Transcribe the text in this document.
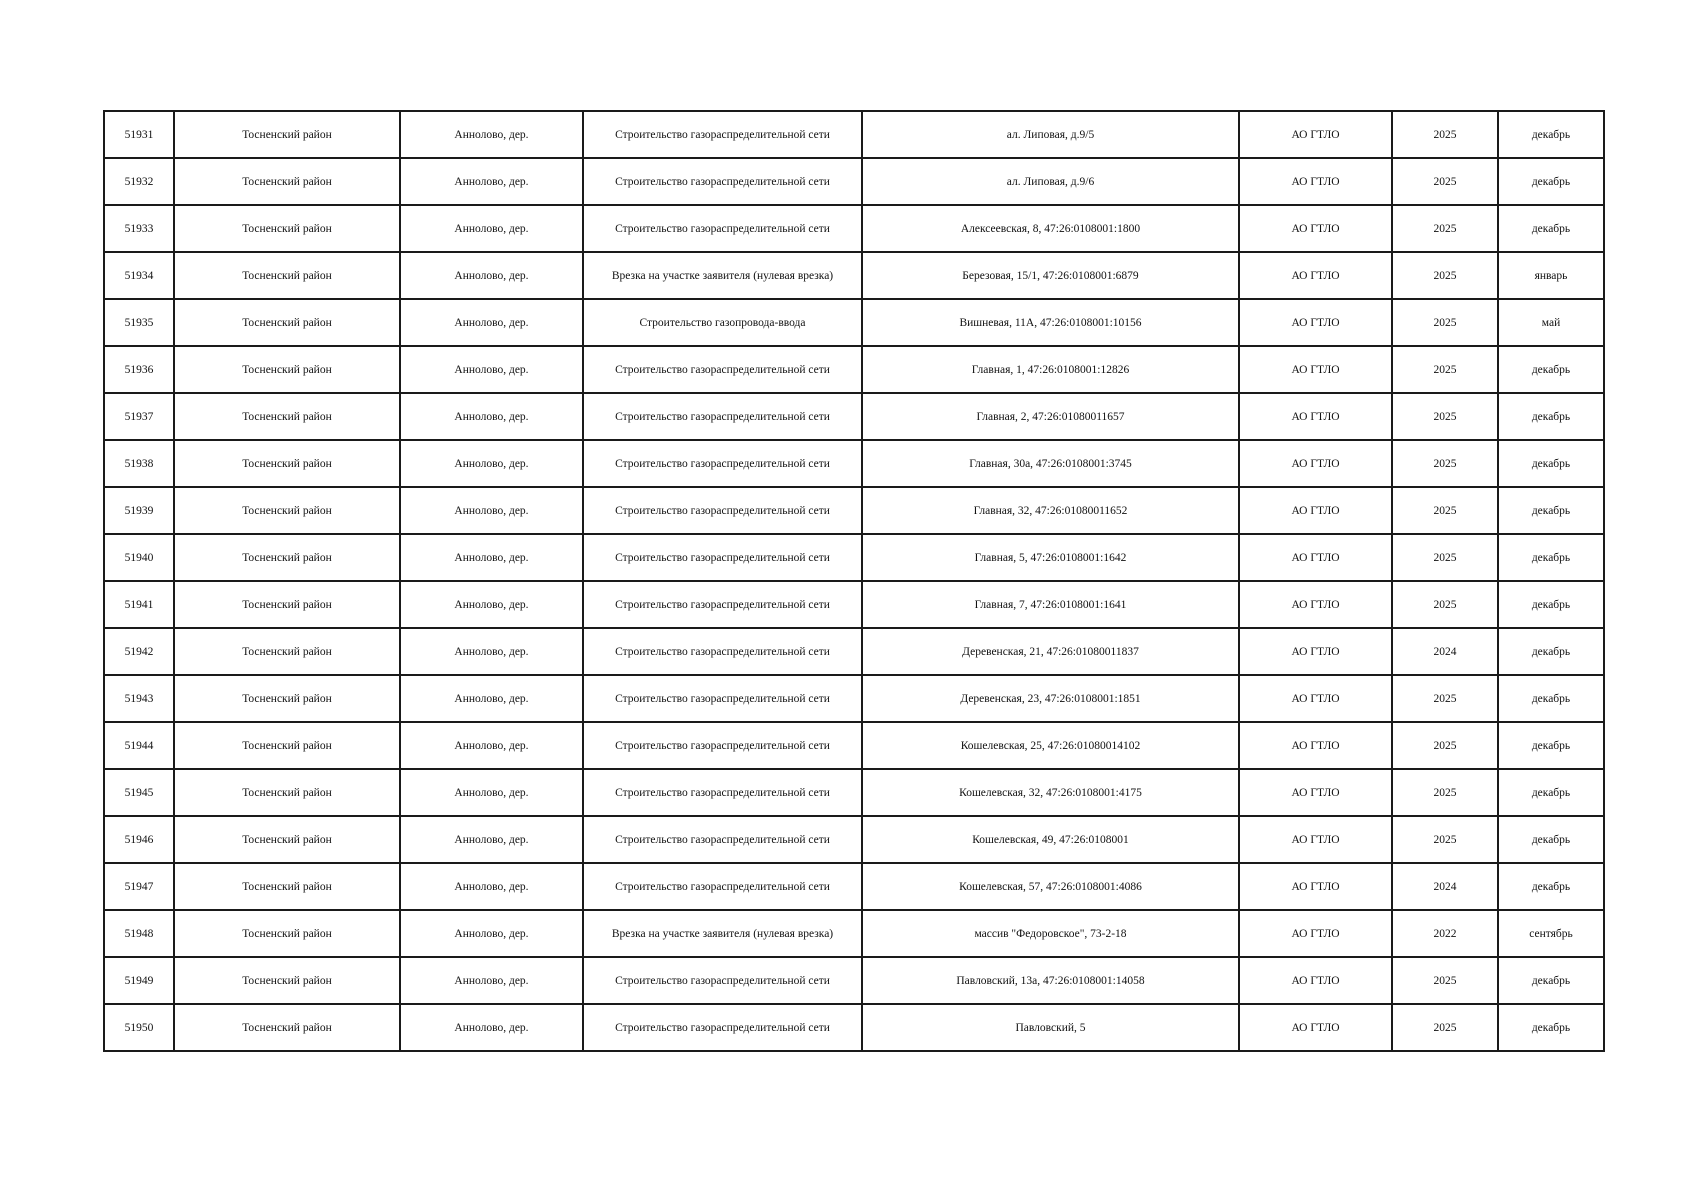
51931	Тосненский район	Аннолово, дер.	Строительство газораспределительной сети	ал. Липовая, д.9/5	АО ГТЛО	2025	декабрь
51932	Тосненский район	Аннолово, дер.	Строительство газораспределительной сети	ал. Липовая, д.9/6	АО ГТЛО	2025	декабрь
51933	Тосненский район	Аннолово, дер.	Строительство газораспределительной сети	Алексеевская, 8, 47:26:0108001:1800	АО ГТЛО	2025	декабрь
51934	Тосненский район	Аннолово, дер.	Врезка на участке заявителя (нулевая врезка)	Березовая, 15/1, 47:26:0108001:6879	АО ГТЛО	2025	январь
51935	Тосненский район	Аннолово, дер.	Строительство газопровода-ввода	Вишневая, 11А, 47:26:0108001:10156	АО ГТЛО	2025	май
51936	Тосненский район	Аннолово, дер.	Строительство газораспределительной сети	Главная, 1, 47:26:0108001:12826	АО ГТЛО	2025	декабрь
51937	Тосненский район	Аннолово, дер.	Строительство газораспределительной сети	Главная, 2, 47:26:01080011657	АО ГТЛО	2025	декабрь
51938	Тосненский район	Аннолово, дер.	Строительство газораспределительной сети	Главная, 30а, 47:26:0108001:3745	АО ГТЛО	2025	декабрь
51939	Тосненский район	Аннолово, дер.	Строительство газораспределительной сети	Главная, 32, 47:26:01080011652	АО ГТЛО	2025	декабрь
51940	Тосненский район	Аннолово, дер.	Строительство газораспределительной сети	Главная, 5, 47:26:0108001:1642	АО ГТЛО	2025	декабрь
51941	Тосненский район	Аннолово, дер.	Строительство газораспределительной сети	Главная, 7, 47:26:0108001:1641	АО ГТЛО	2025	декабрь
51942	Тосненский район	Аннолово, дер.	Строительство газораспределительной сети	Деревенская, 21, 47:26:01080011837	АО ГТЛО	2024	декабрь
51943	Тосненский район	Аннолово, дер.	Строительство газораспределительной сети	Деревенская, 23, 47:26:0108001:1851	АО ГТЛО	2025	декабрь
51944	Тосненский район	Аннолово, дер.	Строительство газораспределительной сети	Кошелевская, 25, 47:26:01080014102	АО ГТЛО	2025	декабрь
51945	Тосненский район	Аннолово, дер.	Строительство газораспределительной сети	Кошелевская, 32, 47:26:0108001:4175	АО ГТЛО	2025	декабрь
51946	Тосненский район	Аннолово, дер.	Строительство газораспределительной сети	Кошелевская, 49, 47:26:0108001	АО ГТЛО	2025	декабрь
51947	Тосненский район	Аннолово, дер.	Строительство газораспределительной сети	Кошелевская, 57, 47:26:0108001:4086	АО ГТЛО	2024	декабрь
51948	Тосненский район	Аннолово, дер.	Врезка на участке заявителя (нулевая врезка)	массив "Федоровское", 73-2-18	АО ГТЛО	2022	сентябрь
51949	Тосненский район	Аннолово, дер.	Строительство газораспределительной сети	Павловский, 13а, 47:26:0108001:14058	АО ГТЛО	2025	декабрь
51950	Тосненский район	Аннолово, дер.	Строительство газораспределительной сети	Павловский, 5	АО ГТЛО	2025	декабрь
